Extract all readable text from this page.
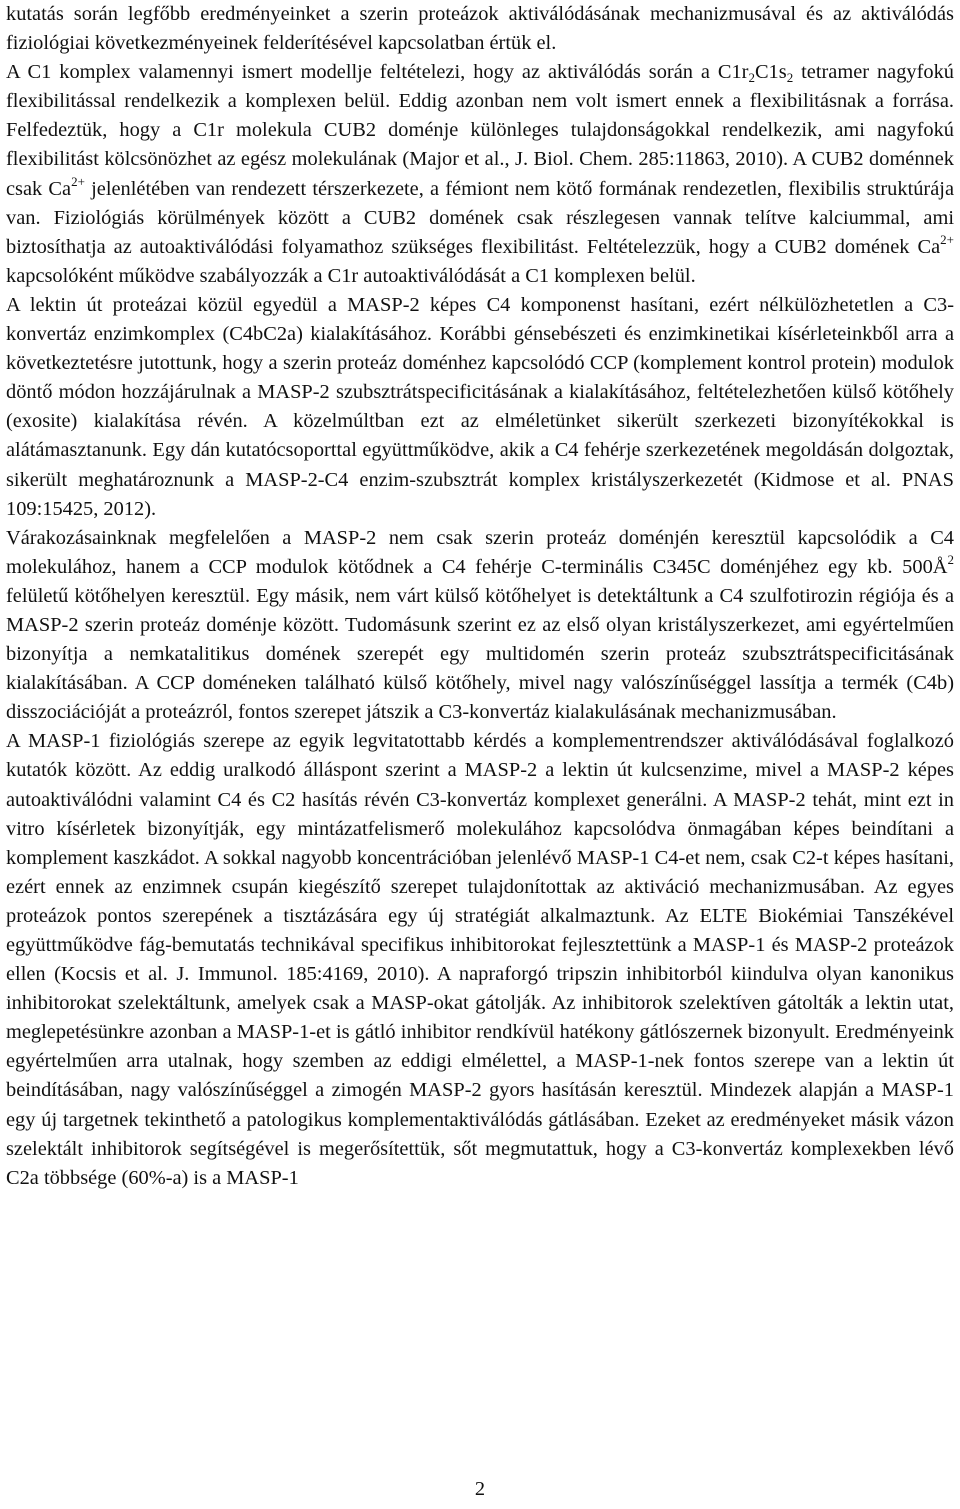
kutatás során legfőbb eredményeinket a szerin proteázok aktiválódásának mechanizmusával és az aktiválódás fiziológiai következményeinek felderítésével kapcsolatban értük el.

A C1 komplex valamennyi ismert modellje feltételezi, hogy az aktiválódás során a $C1r_2C1s_2$ tetramer nagyfokú flexibilitással rendelkezik a komplexen belül. Eddig azonban nem volt ismert ennek a flexibilitásnak a forrása. Felfedeztük, hogy a C1r molekula CUB2 doménje különleges tulajdonságokkal rendelkezik, ami nagyfokú flexibilitást kölcsönözhet az egész molekulának (Major et al., J. Biol. Chem. 285:11863, 2010). A CUB2 doménnek csak $Ca^{2+}$ jelenlétében van rendezett térszerkezete, a fémiont nem kötő formának rendezetlen, flexibilis struktúrája van. Fiziológiás körülmények között a CUB2 domének csak részlegesen vannak telítve kalciummal, ami biztosíthatja az autoaktiválódási folyamathoz szükséges flexibilitást. Feltételezzük, hogy a CUB2 domének $Ca^{2+}$ kapcsolóként működve szabályozzák a C1r autoaktiválódását a C1 komplexen belül.

A lektin út proteázai közül egyedül a MASP-2 képes C4 komponenst hasítani, ezért nélkülözhetetlen a C3-konvertáz enzimkomplex (C4bC2a) kialakításához. Korábbi génsebészeti és enzimkinetikai kísérleteinkből arra a következtetésre jutottunk, hogy a szerin proteáz doménhez kapcsolódó CCP (komplement kontrol protein) modulok döntő módon hozzájárulnak a MASP-2 szubsztrátspecificitásának a kialakításához, feltételezhetően külső kötőhely (exosite) kialakítása révén. A közelmúltban ezt az elméletünket sikerült szerkezeti bizonyítékokkal is alátámasztanunk. Egy dán kutatócsoporttal együttműködve, akik a C4 fehérje szerkezetének megoldásán dolgoztak, sikerült meghatároznunk a MASP-2-C4 enzim-szubsztrát komplex kristályszerkezetét (Kidmose et al. PNAS 109:15425, 2012).

Várakozásainknak megfelelően a MASP-2 nem csak szerin proteáz doménjén keresztül kapcsolódik a C4 molekulához, hanem a CCP modulok kötődnek a C4 fehérje C-terminális C345C doménjéhez egy kb. $500Å^2$ felületű kötőhelyen keresztül. Egy másik, nem várt külső kötőhelyet is detektáltunk a C4 szulfotirozin régiója és a MASP-2 szerin proteáz doménje között. Tudomásunk szerint ez az első olyan kristályszerkezet, ami egyértelműen bizonyítja a nemkatalitikus domének szerepét egy multidomén szerin proteáz szubsztrátspecificitásának kialakításában. A CCP doméneken található külső kötőhely, mivel nagy valószínűséggel lassítja a termék (C4b) disszociációját a proteázról, fontos szerepet játszik a C3-konvertáz kialakulásának mechanizmusában.

A MASP-1 fiziológiás szerepe az egyik legvitatottabb kérdés a komplementrendszer aktiválódásával foglalkozó kutatók között. Az eddig uralkodó álláspont szerint a MASP-2 a lektin út kulcsenzime, mivel a MASP-2 képes autoaktiválódni valamint C4 és C2 hasítás révén C3-konvertáz komplexet generálni. A MASP-2 tehát, mint ezt in vitro kísérletek bizonyítják, egy mintázatfelismerő molekulához kapcsolódva önmagában képes beindítani a komplement kaszkádot. A sokkal nagyobb koncentrációban jelenlévő MASP-1 C4-et nem, csak C2-t képes hasítani, ezért ennek az enzimnek csupán kiegészítő szerepet tulajdonítottak az aktiváció mechanizmusában. Az egyes proteázok pontos szerepének a tisztázására egy új stratégiát alkalmaztunk. Az ELTE Biokémiai Tanszékével együttműködve fág-bemutatás technikával specifikus inhibitorokat fejlesztettünk a MASP-1 és MASP-2 proteázok ellen (Kocsis et al. J. Immunol. 185:4169, 2010). A napraforgó tripszin inhibitorból kiindulva olyan kanonikus inhibitorokat szelektáltunk, amelyek csak a MASP-okat gátolják. Az inhibitorok szelektíven gátolták a lektin utat, meglepetésünkre azonban a MASP-1-et is gátló inhibitor rendkívül hatékony gátlószernek bizonyult. Eredményeink egyértelműen arra utalnak, hogy szemben az eddigi elmélettel, a MASP-1-nek fontos szerepe van a lektin út beindításában, nagy valószínűséggel a zimogén MASP-2 gyors hasításán keresztül. Mindezek alapján a MASP-1 egy új targetnek tekinthető a patologikus komplementaktiválódás gátlásában. Ezeket az eredményeket másik vázon szelektált inhibitorok segítségével is megerősítettük, sőt megmutattuk, hogy a C3-konvertáz komplexekben lévő C2a többsége (60%-a) is a MASP-1

2
